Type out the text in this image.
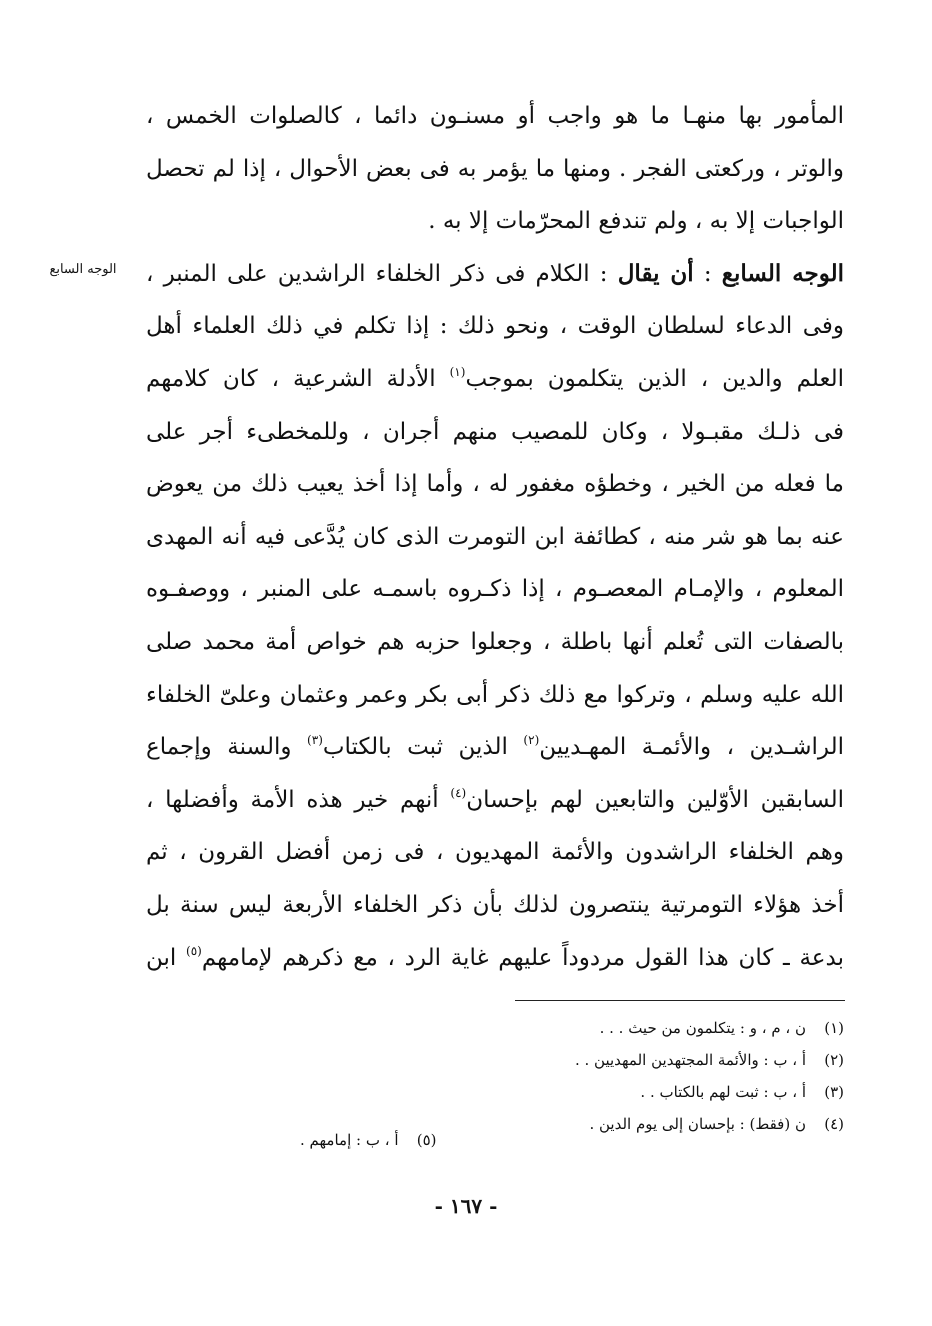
الوجه السابع
المأمور بها منهـا ما هو واجب أو مسنـون دائما ، كالصلوات الخمس ،
والوتر ، وركعتى الفجر . ومنها ما يؤمر به فى بعض الأحوال ، إذا لم تحصل
الواجبات إلا به ، ولم تندفع المحرّمات إلا به .
الوجه السابع : أن يقال : الكلام فى ذكر الخلفاء الراشدين على المنبر ،
وفى الدعاء لسلطان الوقت ، ونحو ذلك : إذا تكلم في ذلك العلماء أهل
العلم والدين ، الذين يتكلمون بموجب$^{(١)}$ الأدلة الشرعية ، كان كلامهم
فى ذلـك مقبـولا ، وكان للمصيب منهم أجران ، وللمخطىء أجر على
ما فعله من الخير ، وخطؤه مغفور له ، وأما إذا أخذ يعيب ذلك من يعوض
عنه بما هو شر منه ، كطائفة ابن التومرت الذى كان يُدَّعى فيه أنه المهدى
المعلوم ، والإمـام المعصـوم ، إذا ذكـروه باسمـه على المنبر ، ووصفـوه
بالصفات التى تُعلم أنها باطلة ، وجعلوا حزبه هم خواص أمة محمد صلى
الله عليه وسلم ، وتركوا مع ذلك ذكر أبى بكر وعمر وعثمان وعلىّ الخلفاء
الراشـدين ، والأئمـة المهـديين$^{(٢)}$ الذين ثبت بالكتاب$^{(٣)}$ والسنة وإجماع
السابقين الأوّلين والتابعين لهم بإحسان$^{(٤)}$ أنهم خير هذه الأمة وأفضلها ،
وهم الخلفاء الراشدون والأئمة المهديون ، فى زمن أفضل القرون ، ثم
أخذ هؤلاء التومرتية ينتصرون لذلك بأن ذكر الخلفاء الأربعة ليس سنة بل
بدعة ـ كان هذا القول مردوداً عليهم غاية الرد ، مع ذكرهم لإمامهم$^{(٥)}$ ابن
(١)ن ، م ، و : يتكلمون من حيث . . .
(٢)أ ، ب : والأئمة المجتهدين المهديين . .
(٣)أ ، ب : ثبت لهم بالكتاب . .
(٤)ن (فقط) : بإحسان إلى يوم الدين .
(٥)أ ، ب : إمامهم .
- ١٦٧ -
